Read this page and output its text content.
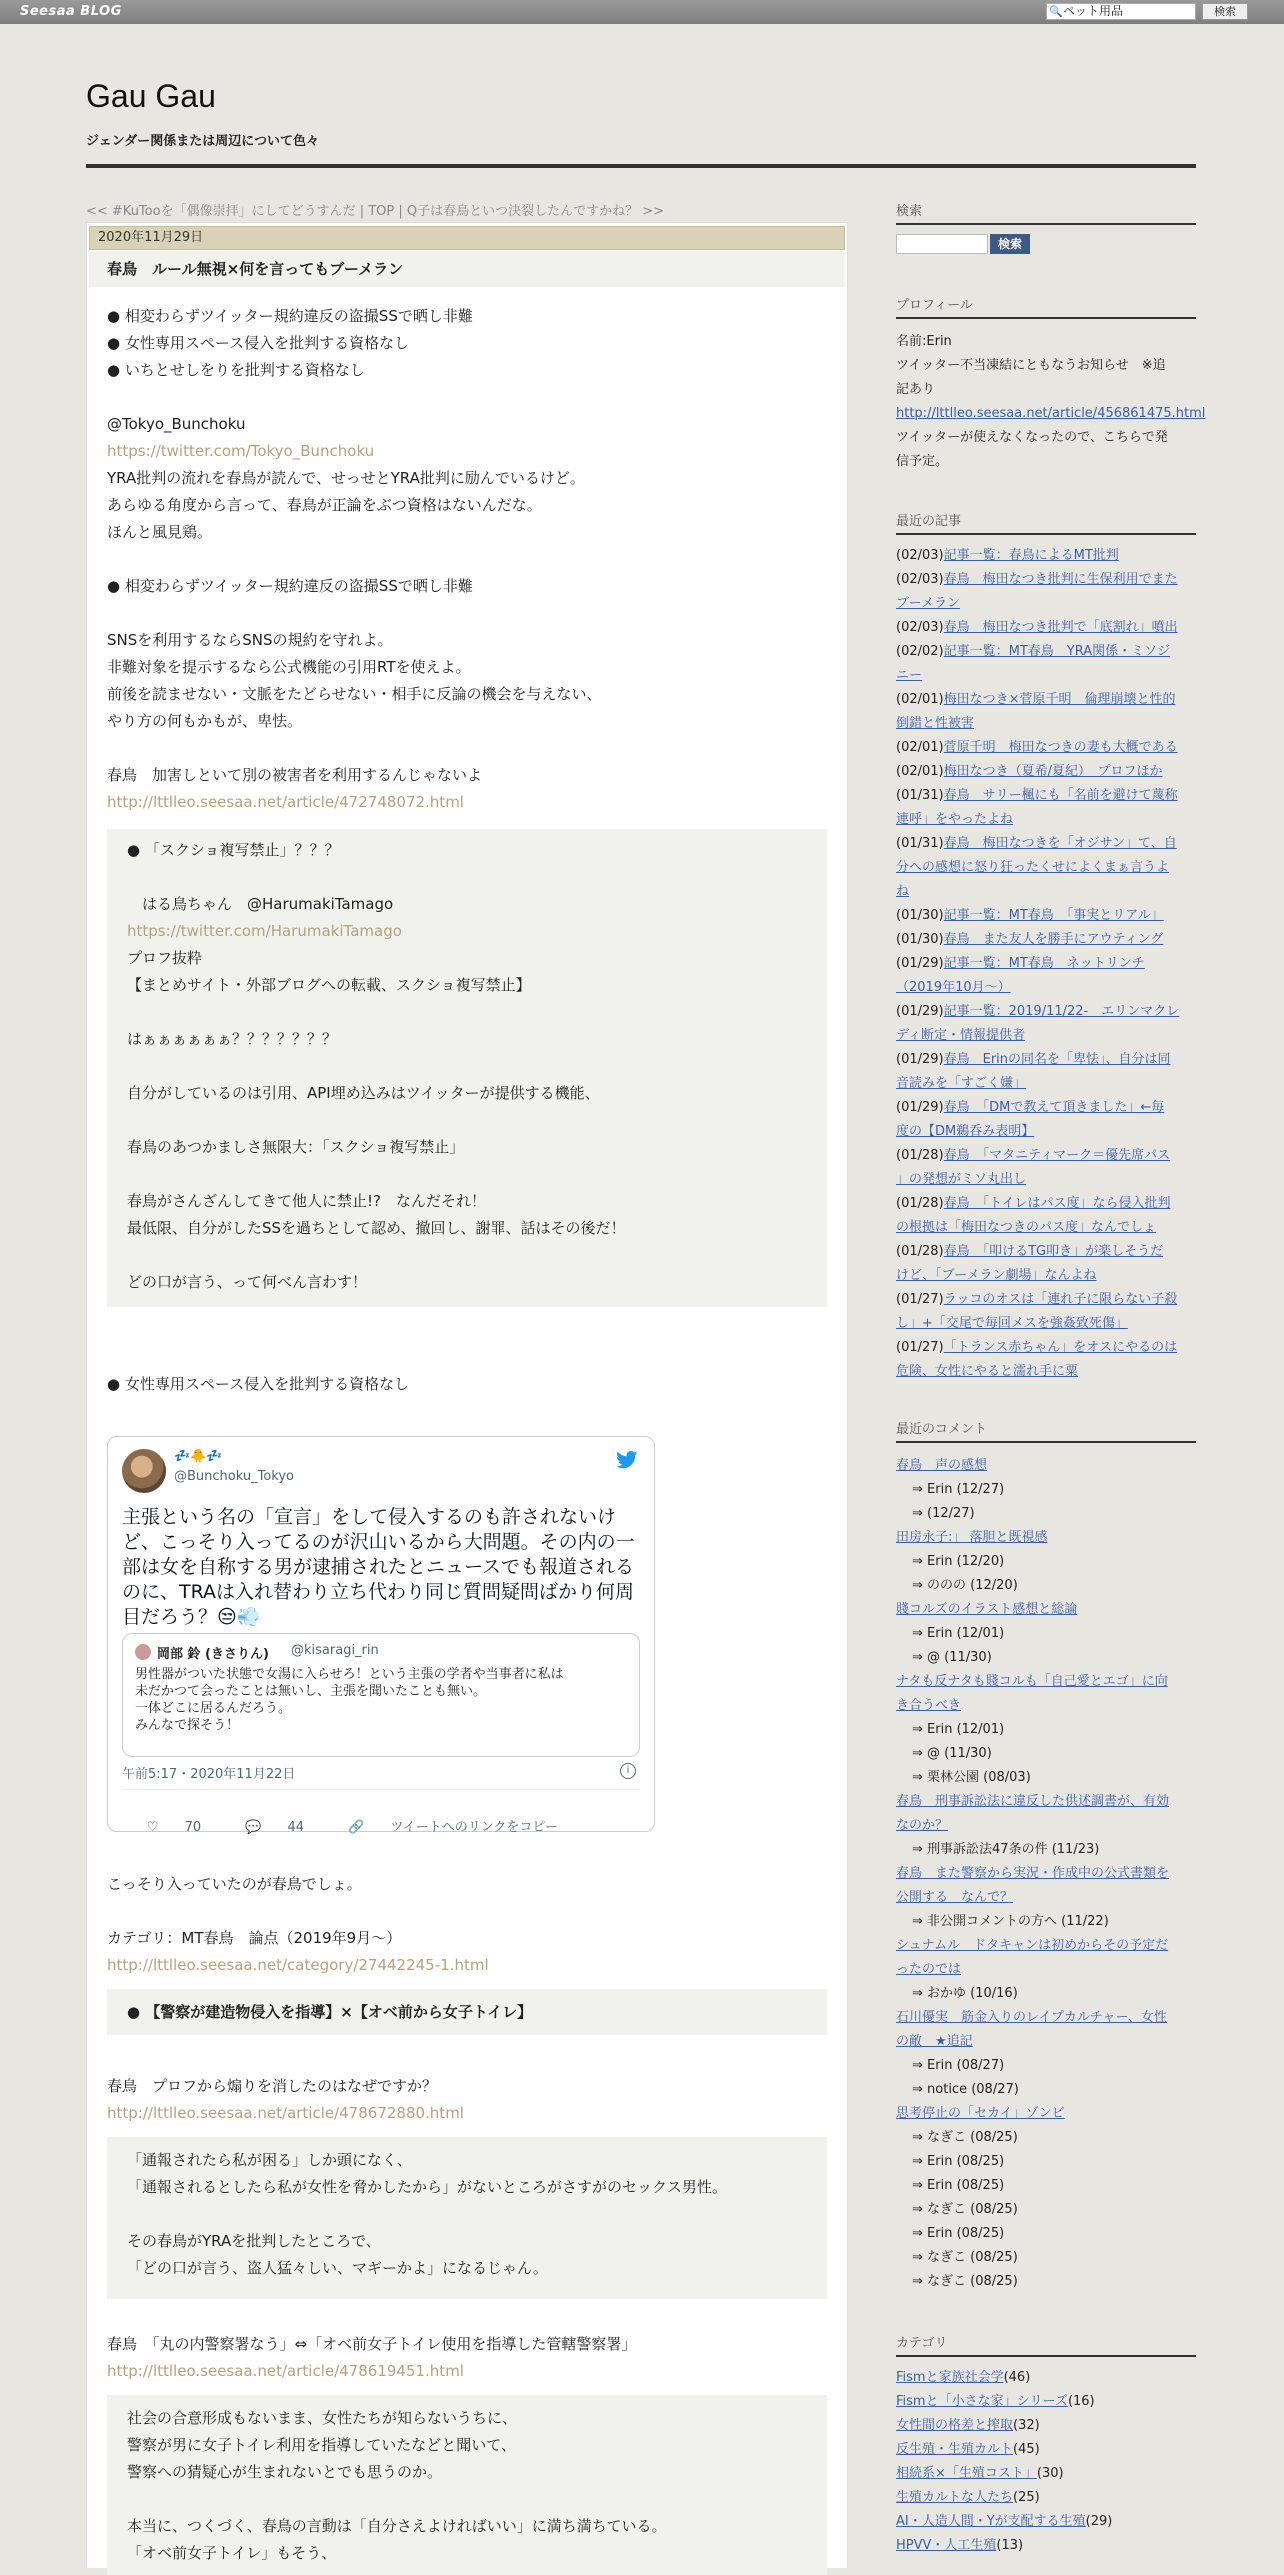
Seesaa BLOG	🔍 ペット用品	検索
Gau Gau
ジェンダー関係または周辺について色々
<< #KuTooを「偶像崇拝」にしてどうすんだ | TOP | Q子は春鳥といつ決裂したんですかね？ >>
2020年11月29日
春鳥　ルール無視×何を言ってもブーメラン
● 相変わらずツイッター規約違反の盗撮SSで晒し非難
● 女性専用スペース侵入を批判する資格なし
● いちとせしをりを批判する資格なし

@Tokyo_Bunchoku
https://twitter.com/Tokyo_Bunchoku
YRA批判の流れを春鳥が読んで、せっせとYRA批判に励んでいるけど。
あらゆる角度から言って、春鳥が正論をぶつ資格はないんだな。
ほんと風見鶏。

● 相変わらずツイッター規約違反の盗撮SSで晒し非難

SNSを利用するならSNSの規約を守れよ。
非難対象を提示するなら公式機能の引用RTを使えよ。
前後を読ませない・文脈をたどらせない・相手に反論の機会を与えない、
やり方の何もかもが、卑怯。

春鳥　加害しといて別の被害者を利用するんじゃないよ
http://lttlleo.seesaa.net/article/472748072.html
● 「スクショ複写禁止」？？？

　はる鳥ちゃん　@HarumakiTamago
https://twitter.com/HarumakiTamago
プロフ抜粋
【まとめサイト・外部ブログへの転載、スクショ複写禁止】

はぁぁぁぁぁぁ？？？？？？？

自分がしているのは引用、API埋め込みはツイッターが提供する機能、

春鳥のあつかましさ無限大：「スクショ複写禁止」

春鳥がさんざんしてきて他人に禁止!?　なんだそれ！
最低限、自分がしたSSを過ちとして認め、撤回し、謝罪、話はその後だ！

どの口が言う、って何べん言わす！
● 女性専用スペース侵入を批判する資格なし
💤🐥💤
@Bunchoku_Tokyo
主張という名の「宣言」をして侵入するのも許されないけど、こっそり入ってるのが沢山いるから大問題。その内の一部は女を自称する男が逮捕されたとニュースでも報道されるのに、TRAは入れ替わり立ち代わり同じ質問疑問ばかり何周目だろう？😒💨
岡部 鈴 (きさりん) @kisaragi_rin
男性器がついた状態で女湯に入らせろ！という主張の学者や当事者に私は
未だかつて会ったことは無いし、主張を聞いたことも無い。
一体どこに居るんだろう。
みんなで探そう！
午前5:17・2020年11月22日	i

♡ 70	💬 44	🔗 ツイートへのリンクをコピー

こっそり入っていたのが春鳥でしょ。

カテゴリ：MT春鳥　論点（2019年9月～）
http://lttlleo.seesaa.net/category/27442245-1.html
● 【警察が建造物侵入を指導】×【オベ前から女子トイレ】
春鳥　プロフから煽りを消したのはなぜですか？
http://lttlleo.seesaa.net/article/478672880.html
「通報されたら私が困る」しか頭になく、
「通報されるとしたら私が女性を脅かしたから」がないところがさすがのセックス男性。

その春鳥がYRAを批判したところで、
「どの口が言う、盗人猛々しい、マギーかよ」になるじゃん。
春鳥　「丸の内警察署なう」⇔「オベ前女子トイレ使用を指導した管轄警察署」
http://lttlleo.seesaa.net/article/478619451.html
社会の合意形成もないまま、女性たちが知らないうちに、
警察が男に女子トイレ利用を指導していたなどと聞いて、
警察への猜疑心が生まれないとでも思うのか。

本当に、つくづく、春鳥の言動は「自分さえよければいい」に満ち満ちている。
「オベ前女子トイレ」もそう、
検索
検索
プロフィール
名前:Erin
ツイッター不当凍結にともなうお知らせ　※追
記あり
http://lttlleo.seesaa.net/article/456861475.html
ツイッターが使えなくなったので、こちらで発
信予定。
最近の記事
(02/03)記事一覧：春鳥によるMT批判
(02/03)春鳥　梅田なつき批判に生保利用でまた
ブーメラン
(02/03)春鳥　梅田なつき批判で「底割れ」噴出
(02/02)記事一覧：MT春鳥　YRA関係・ミソジ
ニー
(02/01)梅田なつき×菅原千明　倫理崩壊と性的
倒錯と性被害
(02/01)菅原千明　梅田なつきの妻も大概である
(02/01)梅田なつき（夏希/夏紀）　プロフほか
(01/31)春鳥　サリー楓にも「名前を避けて蔑称
連呼」をやったよね
(01/31)春鳥　梅田なつきを「オジサン」て、自
分への感想に怒り狂ったくせによくまぁ言うよ
ね
(01/30)記事一覧：MT春鳥　「事実とリアル」
(01/30)春鳥　また友人を勝手にアウティング
(01/29)記事一覧：MT春鳥　ネットリンチ
（2019年10月～）
(01/29)記事一覧：2019/11/22-　エリンマクレ
ディ断定・情報提供者
(01/29)春鳥　Erinの同名を「卑怯」、自分は同
音読みを「すごく嫌」
(01/29)春鳥　「DMで教えて頂きました」←毎
度の【DM鵜呑み表明】
(01/28)春鳥　「マタニティマーク＝優先席パス
」の発想がミソ丸出し
(01/28)春鳥　「トイレはパス度」なら侵入批判
の根拠は「梅田なつきのパス度」なんでしょ
(01/28)春鳥　「叩けるTG叩き」が楽しそうだ
けど、「ブーメラン劇場」なんよね
(01/27)ラッコのオスは「連れ子に限らない子殺
し」+「交尾で毎回メスを強姦致死傷」
(01/27)「トランス赤ちゃん」をオスにやるのは
危険、女性にやると濡れ手に粟
最近のコメント
春鳥　声の感想
⇒ Erin (12/27)
⇒ (12/27)
田房永子:」 落胆と既視感
⇒ Erin (12/20)
⇒ ののの (12/20)
賤コルズのイラスト感想と総論
⇒ Erin (12/01)
⇒ @ (11/30)
ナタも反ナタも賤コルも「自己愛とエゴ」に向
き合うべき
⇒ Erin (12/01)
⇒ @ (11/30)
⇒ 栗林公園 (08/03)
春鳥　刑事訴訟法に違反した供述調書が、有効
なのか？
⇒ 刑事訴訟法47条の件 (11/23)
春鳥　また警察から実況・作成中の公式書類を
公開する　なんで？
⇒ 非公開コメントの方へ (11/22)
シュナムル　ドタキャンは初めからその予定だ
ったのでは
⇒ おかゆ (10/16)
石川優実　筋金入りのレイプカルチャー、女性
の敵　★追記
⇒ Erin (08/27)
⇒ notice (08/27)
思考停止の「セカイ」ゾンビ
⇒ なぎこ (08/25)
⇒ Erin (08/25)
⇒ Erin (08/25)
⇒ なぎこ (08/25)
⇒ Erin (08/25)
⇒ なぎこ (08/25)
⇒ なぎこ (08/25)
カテゴリ
Fismと家族社会学(46)
Fismと「小さな家」シリーズ(16)
女性間の格差と搾取(32)
反生殖・生殖カルト(45)
相続系×「生殖コスト」(30)
生殖カルトな人たち(25)
AI・人造人間・Yが支配する生殖(29)
HPVV・人工生殖(13)
